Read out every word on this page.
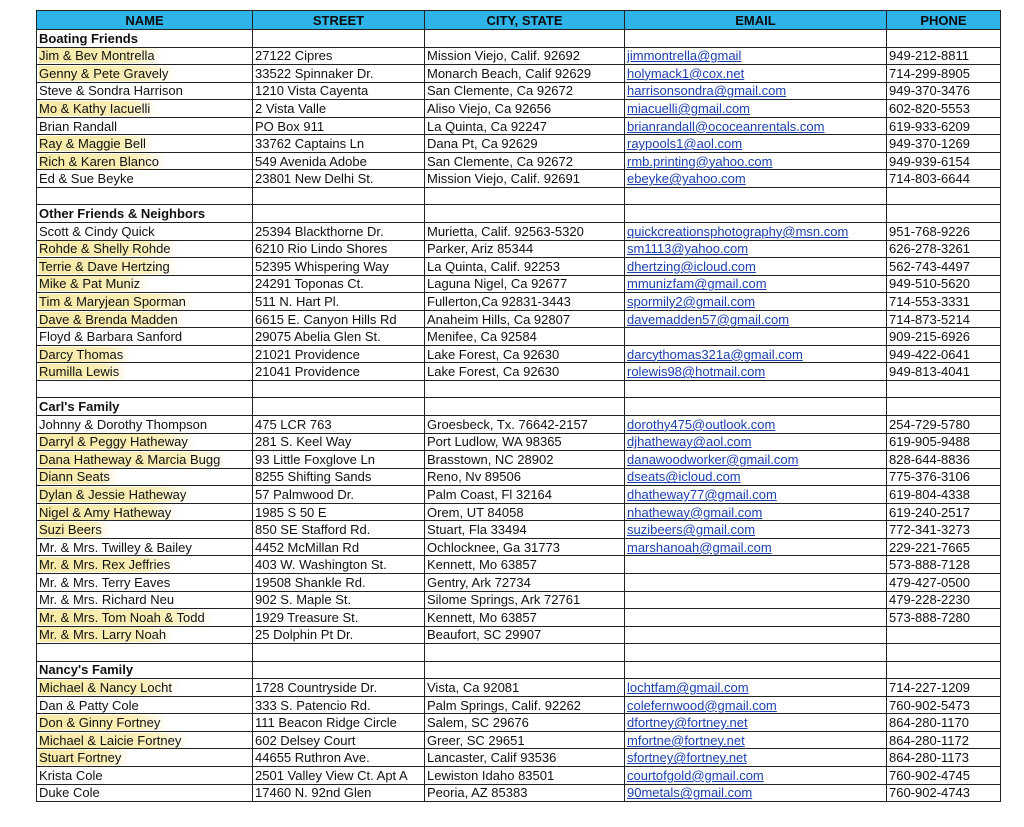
NAME	STREET	CITY, STATE	EMAIL	PHONE
Boating Friends				
Jim & Bev Montrella	27122 Cipres	Mission Viejo, Calif. 92692	jimmontrella@gmail	949-212-8811
Genny & Pete Gravely	33522 Spinnaker Dr.	Monarch Beach, Calif 92629	holymack1@cox.net	714-299-8905
Steve & Sondra Harrison	1210 Vista Cayenta	San Clemente, Ca 92672	harrisonsondra@gmail.com	949-370-3476
Mo & Kathy Iacuelli	2 Vista Valle	Aliso Viejo, Ca 92656	miacuelli@gmail.com	602-820-5553
Brian Randall	PO Box 911	La Quinta, Ca 92247	brianrandall@ococeanrentals.com	619-933-6209
Ray & Maggie Bell	33762 Captains Ln	Dana Pt, Ca 92629	raypools1@aol.com	949-370-1269
Rich & Karen Blanco	549 Avenida Adobe	San Clemente, Ca 92672	rmb.printing@yahoo.com	949-939-6154
Ed & Sue Beyke	23801 New Delhi St.	Mission Viejo, Calif. 92691	ebeyke@yahoo.com	714-803-6644

Other Friends & Neighbors				
Scott & Cindy Quick	25394 Blackthorne Dr.	Murietta, Calif. 92563-5320	quickcreationsphotography@msn.com	951-768-9226
Rohde & Shelly Rohde	6210 Rio Lindo Shores	Parker, Ariz 85344	sm1113@yahoo.com	626-278-3261
Terrie & Dave Hertzing	52395 Whispering Way	La Quinta, Calif. 92253	dhertzing@icloud.com	562-743-4497
Mike & Pat Muniz	24291 Toponas Ct.	Laguna Nigel, Ca 92677	mmunizfam@gmail.com	949-510-5620
Tim & Maryjean Sporman	511 N. Hart Pl.	Fullerton,Ca 92831-3443	spormily2@gmail.com	714-553-3331
Dave & Brenda Madden	6615 E. Canyon Hills Rd	Anaheim Hills, Ca 92807	davemadden57@gmail.com	714-873-5214
Floyd & Barbara Sanford	29075 Abelia Glen St.	Menifee, Ca 92584		909-215-6926
Darcy Thomas	21021 Providence	Lake Forest, Ca 92630	darcythomas321a@gmail.com	949-422-0641
Rumilla Lewis	21041 Providence	Lake Forest, Ca 92630	rolewis98@hotmail.com	949-813-4041

Carl's Family				
Johnny & Dorothy Thompson	475 LCR 763	Groesbeck, Tx. 76642-2157	dorothy475@outlook.com	254-729-5780
Darryl & Peggy Hatheway	281 S. Keel Way	Port Ludlow, WA 98365	djhatheway@aol.com	619-905-9488
Dana Hatheway & Marcia Bugg	93 Little Foxglove Ln	Brasstown, NC 28902	danawoodworker@gmail.com	828-644-8836
Diann Seats	8255 Shifting Sands	Reno, Nv 89506	dseats@icloud.com	775-376-3106
Dylan & Jessie Hatheway	57 Palmwood Dr.	Palm Coast, Fl 32164	dhatheway77@gmail.com	619-804-4338
Nigel & Amy Hatheway	1985 S 50 E	Orem, UT 84058	nhatheway@gmail.com	619-240-2517
Suzi Beers	850 SE Stafford Rd.	Stuart, Fla 33494	suzibeers@gmail.com	772-341-3273
Mr. & Mrs. Twilley & Bailey	4452 McMillan Rd	Ochlocknee, Ga 31773	marshanoah@gmail.com	229-221-7665
Mr. & Mrs. Rex Jeffries	403 W. Washington St.	Kennett, Mo 63857		573-888-7128
Mr. & Mrs. Terry Eaves	19508 Shankle Rd.	Gentry, Ark 72734		479-427-0500
Mr. & Mrs. Richard Neu	902 S. Maple St.	Silome Springs, Ark 72761		479-228-2230
Mr. & Mrs. Tom Noah & Todd	1929 Treasure St.	Kennett, Mo 63857		573-888-7280
Mr. & Mrs. Larry Noah	25 Dolphin Pt Dr.	Beaufort, SC 29907		

Nancy's Family				
Michael & Nancy Locht	1728 Countryside Dr.	Vista, Ca 92081	lochtfam@gmail.com	714-227-1209
Dan & Patty Cole	333 S. Patencio Rd.	Palm Springs, Calif. 92262	colefernwood@gmail.com	760-902-5473
Don & Ginny Fortney	111 Beacon Ridge Circle	Salem, SC 29676	dfortney@fortney.net	864-280-1170
Michael & Laicie Fortney	602 Delsey Court	Greer, SC 29651	mfortne@fortney.net	864-280-1172
Stuart Fortney	44655 Ruthron Ave.	Lancaster, Calif 93536	sfortney@fortney.net	864-280-1173
Krista Cole	2501 Valley View Ct. Apt A	Lewiston Idaho 83501	courtofgold@gmail.com	760-902-4745
Duke Cole	17460 N. 92nd Glen	Peoria, AZ 85383	90metals@gmail.com	760-902-4743
